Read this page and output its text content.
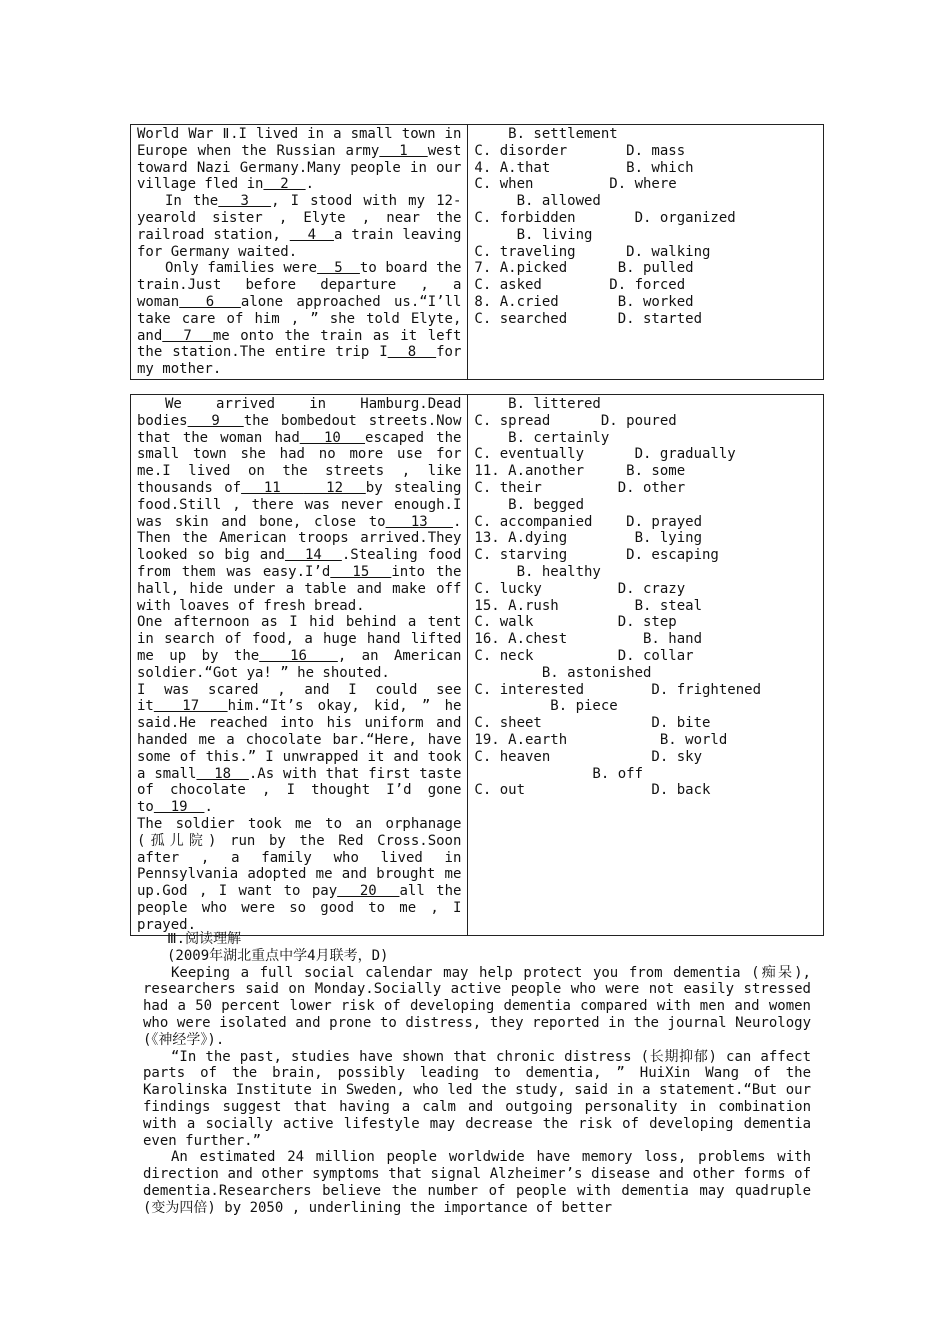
World War Ⅱ.I lived in a small town in Europe when the Russian army  1  west toward Nazi Germany.Many people in our village fled in  2  .
In the  3  , I stood with my 12-yearold sister , Elyte , near the railroad station,   4  a train leaving for Germany waited.
Only families were  5  to board the train.Just before departure , a woman  6  alone approached us.“I’ll take care of him , ” she told Elyte, and  7  me onto the train as it left the station.The entire trip I  8  for my mother.

B. settlement
C. disorder       D. mass
4. A.that         B. which
C. when         D. where
B. allowed
C. forbidden       D. organized
B. living
C. traveling      D. walking
7. A.picked      B. pulled
C. asked        D. forced
8. A.cried       B. worked
C. searched      D. started
We arrived in Hamburg.Dead bodies  9  the bombedout streets.Now that the woman had  10  escaped the small town she had no more use for me.I lived on the streets , like thousands of  11    12  by stealing food.Still , there was never enough.I was skin and bone, close to  13  . Then the American troops arrived.They looked so big and  14  .Stealing food from them was easy.I’d  15  into the hall, hide under a table and make off with loaves of fresh bread.
One afternoon as I hid behind a tent in search of food, a huge hand lifted me up by the  16  , an American soldier.“Got ya! ” he shouted.
I was scared , and I could see it  17  him.“It’s okay, kid, ” he said.He reached into his uniform and handed me a chocolate bar.“Here, have some of this.” I unwrapped it and took a small  18  .As with that first taste of chocolate , I thought I’d gone to  19  .
The soldier took me to an orphanage (孤儿院) run by the Red Cross.Soon after , a family who lived in Pennsylvania adopted me and brought me up.God , I want to pay  20  all the people who were so good to me , I prayed.

B. littered
C. spread      D. poured
B. certainly
C. eventually      D. gradually
11. A.another     B. some
C. their         D. other
B. begged
C. accompanied    D. prayed
13. A.dying        B. lying
C. starving       D. escaping
B. healthy
C. lucky         D. crazy
15. A.rush         B. steal
C. walk          D. step
16. A.chest         B. hand
C. neck          D. collar
B. astonished
C. interested        D. frightened
B. piece
C. sheet             D. bite
19. A.earth           B. world
C. heaven            D. sky
B. off
C. out               D. back

Ⅲ.阅读理解

(2009年湖北重点中学4月联考，D)

Keeping a full social calendar may help protect you from dementia (痴呆), researchers said on Monday.Socially active people who were not easily stressed had a 50 percent lower risk of developing dementia compared with men and women who were isolated and prone to distress, they reported in the journal Neurology (《神经学》).

“In the past, studies have shown that chronic distress (长期抑郁) can affect parts of the brain, possibly leading to dementia, ” HuiXin Wang of the Karolinska Institute in Sweden, who led the study, said in a statement.“But our findings suggest that having a calm and outgoing personality in combination with a socially active lifestyle may decrease the risk of developing dementia even further.”

An estimated 24 million people worldwide have memory loss, problems with direction and other symptoms that signal Alzheimer’s disease and other forms of dementia.Researchers believe the number of people with dementia may quadruple (变为四倍) by 2050 , underlining the importance of better
